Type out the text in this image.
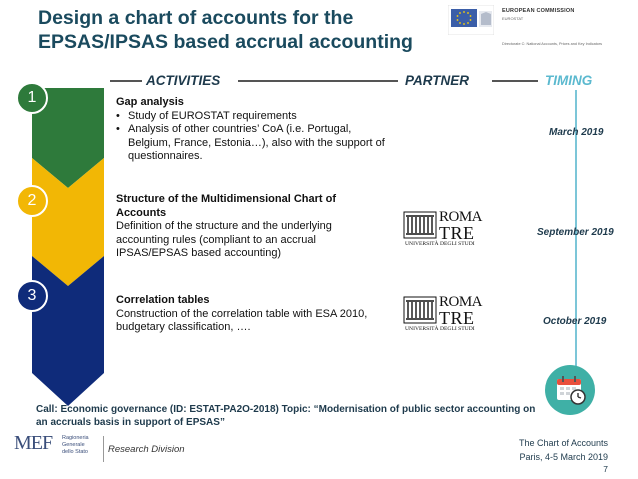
Design a chart of accounts for the
EPSAS/IPSAS based accrual accounting
EUROPEAN COMMISSION
EUROSTAT
Directorate C: National Accounts, Prices and Key Indicators
ACTIVITIES	PARTNER	TIMING
1
2
3
Gap analysis
• Study of EUROSTAT requirements
• Analysis of other countries’ CoA (i.e. Portugal, Belgium, France, Estonia…), also with the support of questionnaires.
Structure of the Multidimensional Chart of Accounts
Definition of the structure and the underlying accounting rules (compliant to an accrual IPSAS/EPSAS based accounting)
Correlation tables
Construction of the correlation table with ESA 2010, budgetary classification, ….
ROMA
TRE
UNIVERSITÀ DEGLI STUDI
ROMA
TRE
UNIVERSITÀ DEGLI STUDI
March 2019
September 2019
October 2019
Call: Economic governance (ID: ESTAT-PA2O-2018) Topic: “Modernisation of public sector accounting on an accruals basis in support of EPSAS”
MEF Ragioneria
Generale
dello Stato Research Division
The Chart of Accounts
Paris, 4-5 March 2019
7
